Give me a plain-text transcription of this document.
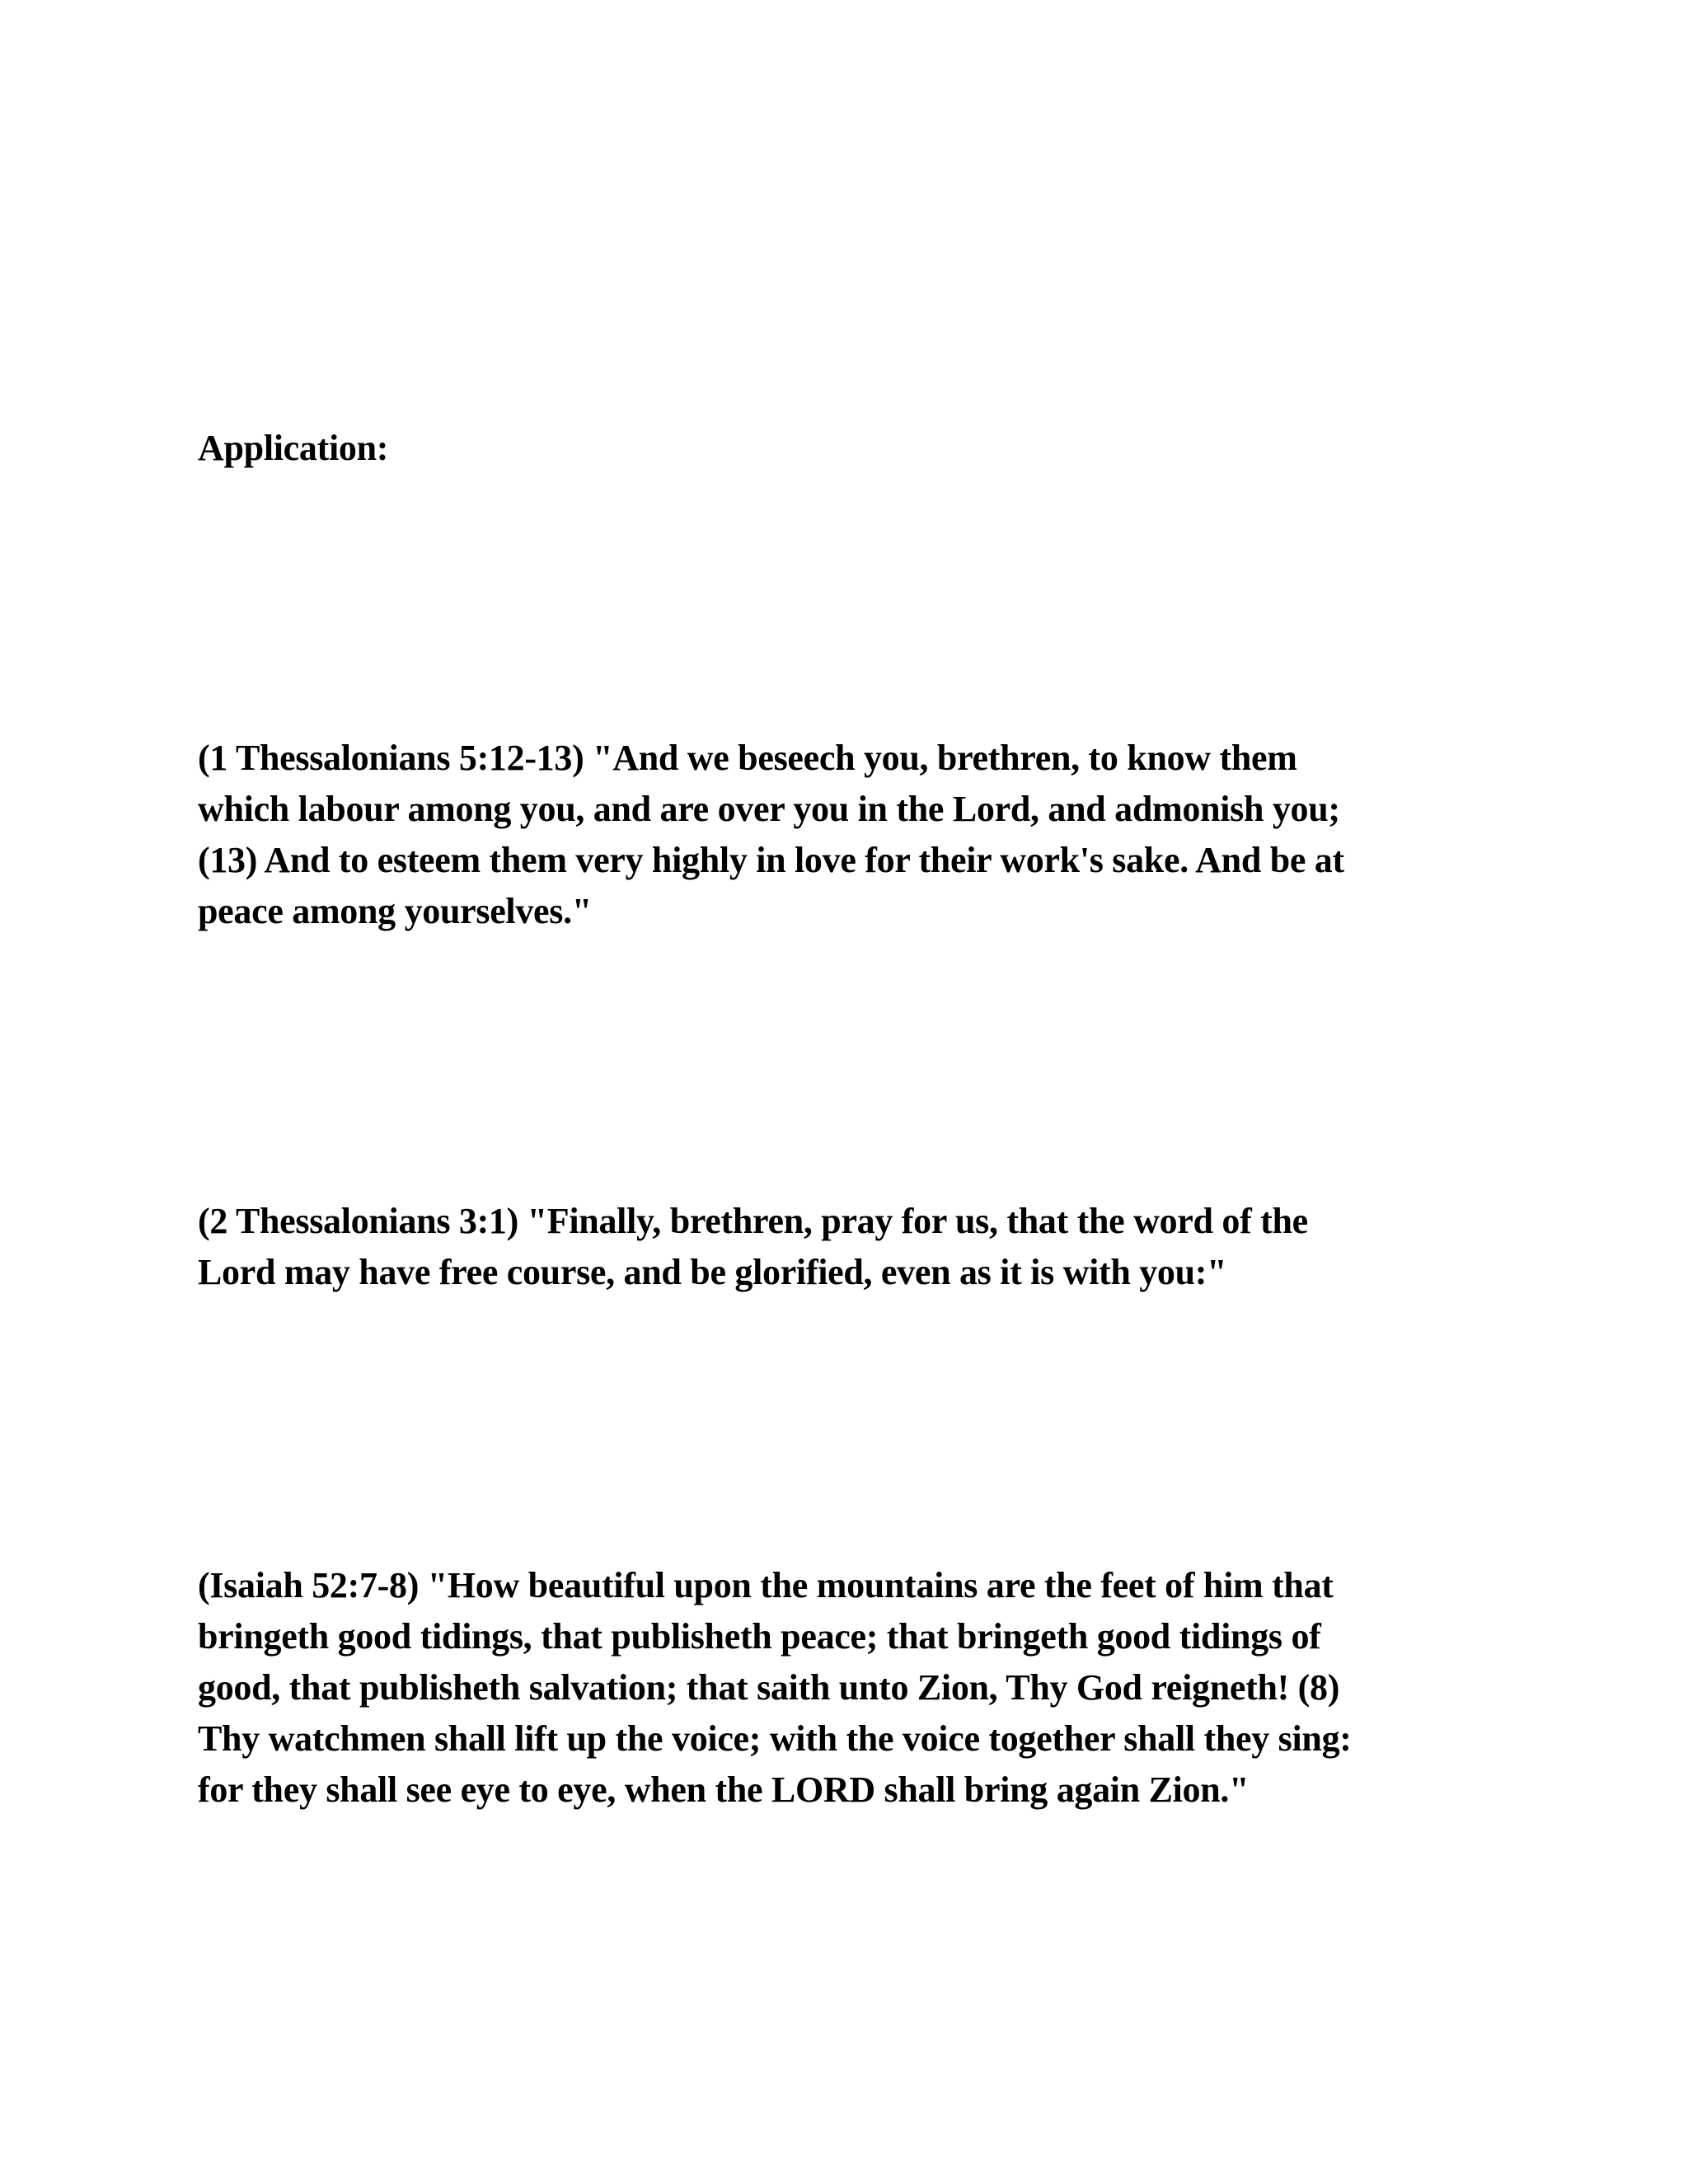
Application:

(1 Thessalonians 5:12-13) "And we beseech you, brethren, to know them
which labour among you, and are over you in the Lord, and admonish you;
(13) And to esteem them very highly in love for their work's sake. And be at
peace among yourselves."

(2 Thessalonians 3:1) "Finally, brethren, pray for us, that the word of the
Lord may have free course, and be glorified, even as it is with you:"

(Isaiah 52:7-8) "How beautiful upon the mountains are the feet of him that
bringeth good tidings, that publisheth peace; that bringeth good tidings of
good, that publisheth salvation; that saith unto Zion, Thy God reigneth! (8)
Thy watchmen shall lift up the voice; with the voice together shall they sing:
for they shall see eye to eye, when the LORD shall bring again Zion."
